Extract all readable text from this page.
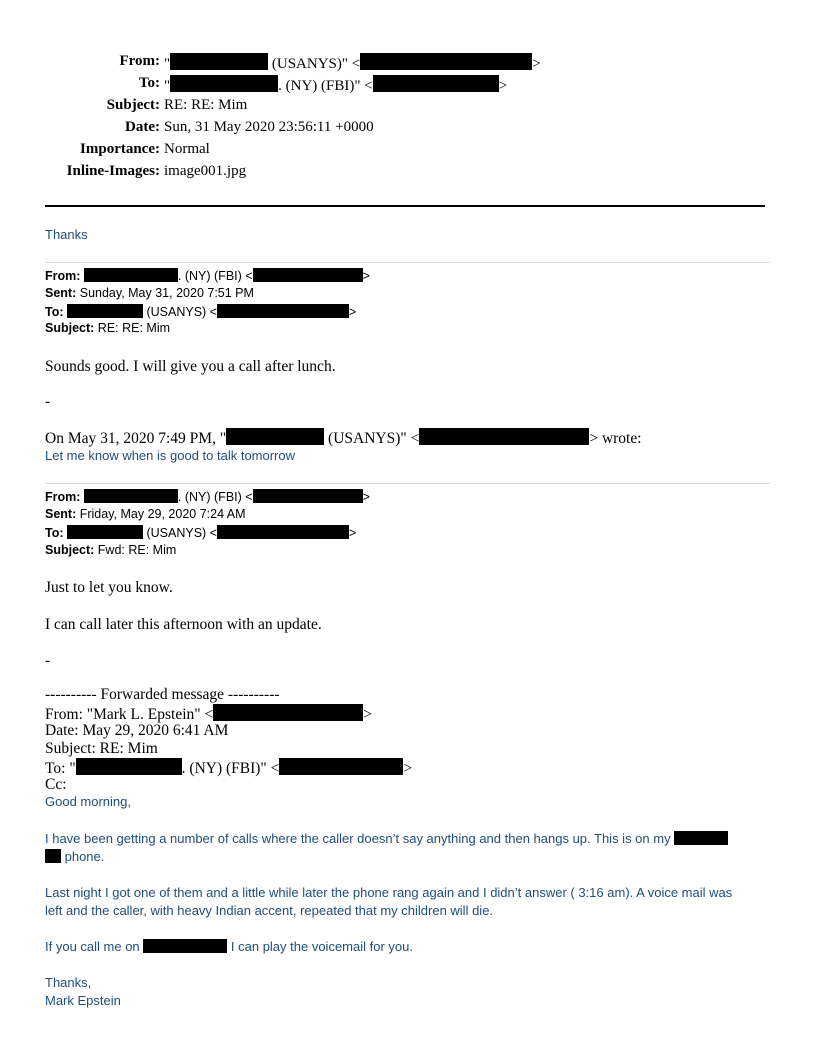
From: "	(USANYS)" <	>
To: "	. (NY) (FBI)" <	>
Subject: RE: RE: Mim
Date: Sun, 31 May 2020 23:56:11 +0000
Importance: Normal
Inline-Images: image001.jpg
Thanks
From:	. (NY) (FBI) <	>
Sent: Sunday, May 31, 2020 7:51 PM
To:	(USANYS) <	>
Subject: RE: RE: Mim
Sounds good. I will give you a call after lunch.
-
On May 31, 2020 7:49 PM, "	(USANYS)" <	> wrote:
Let me know when is good to talk tomorrow
From:	. (NY) (FBI) <	>
Sent: Friday, May 29, 2020 7:24 AM
To:	(USANYS) <	>
Subject: Fwd: RE: Mim
Just to let you know.
I can call later this afternoon with an update.
-
---------- Forwarded message ----------
From: "Mark L. Epstein" <	>
Date: May 29, 2020 6:41 AM
Subject: RE: Mim
To: "	. (NY) (FBI)" <	>
Cc:
Good morning,
I have been getting a number of calls where the caller doesn’t say anything and then hangs up. This is on my
phone.
Last night I got one of them and a little while later the phone rang again and I didn’t answer ( 3:16 am). A voice mail was
left and the caller, with heavy Indian accent, repeated that my children will die.
If you call me on	I can play the voicemail for you.
Thanks,
Mark Epstein
